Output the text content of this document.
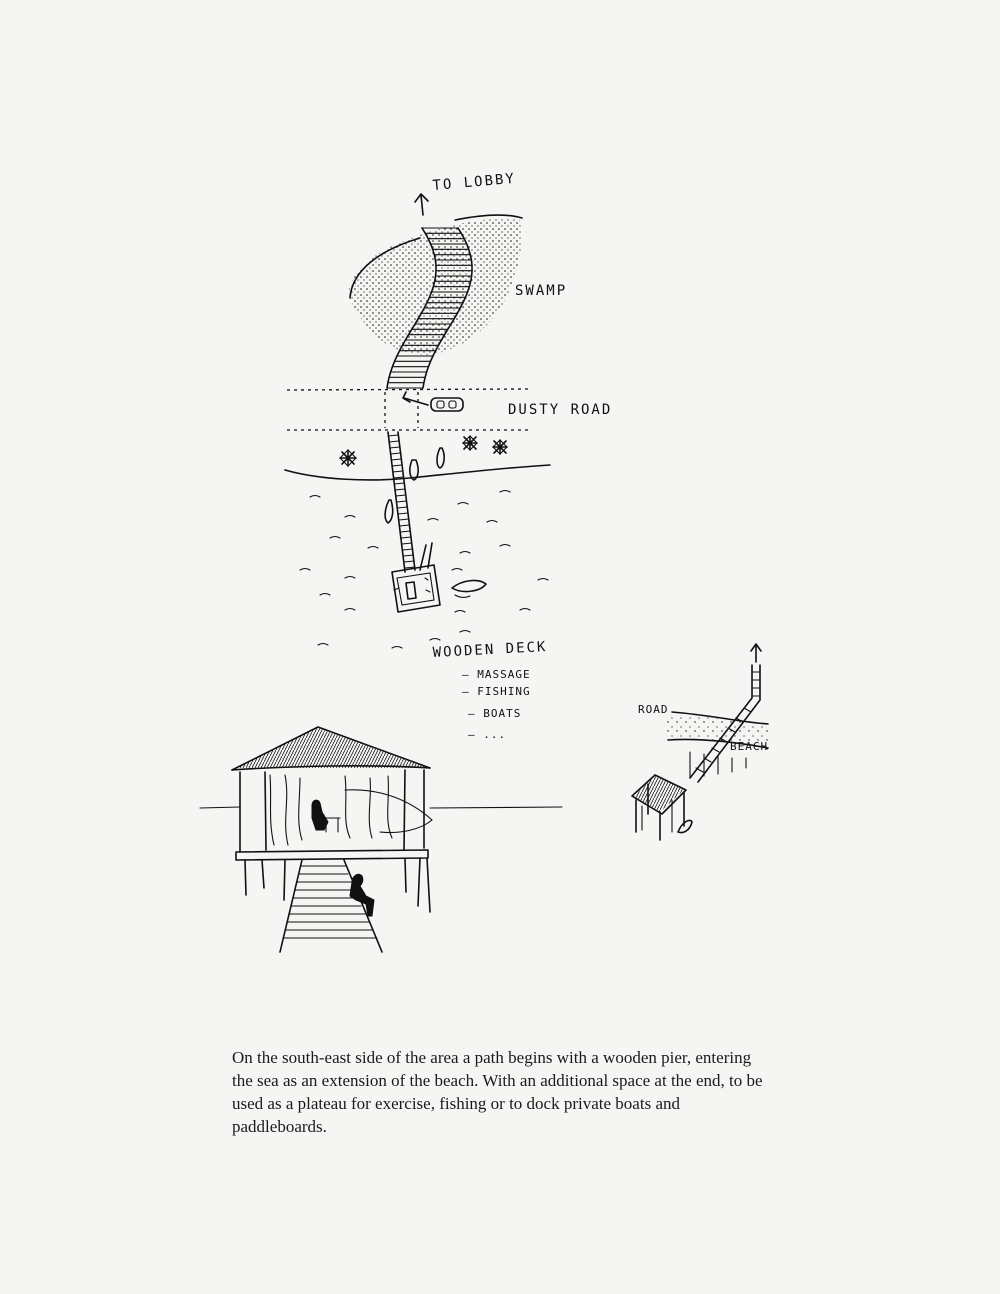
TO LOBBY
SWAMP
DUSTY ROAD
WOODEN DECK
– MASSAGE
– FISHING
– BOATS
– ...
ROAD
BEACH

On the south-east side of the area a path begins with a wooden pier, entering the sea as an extension of the beach. With an additional space at the end, to be used as a plateau for exercise, fishing or to dock private boats and paddleboards.
